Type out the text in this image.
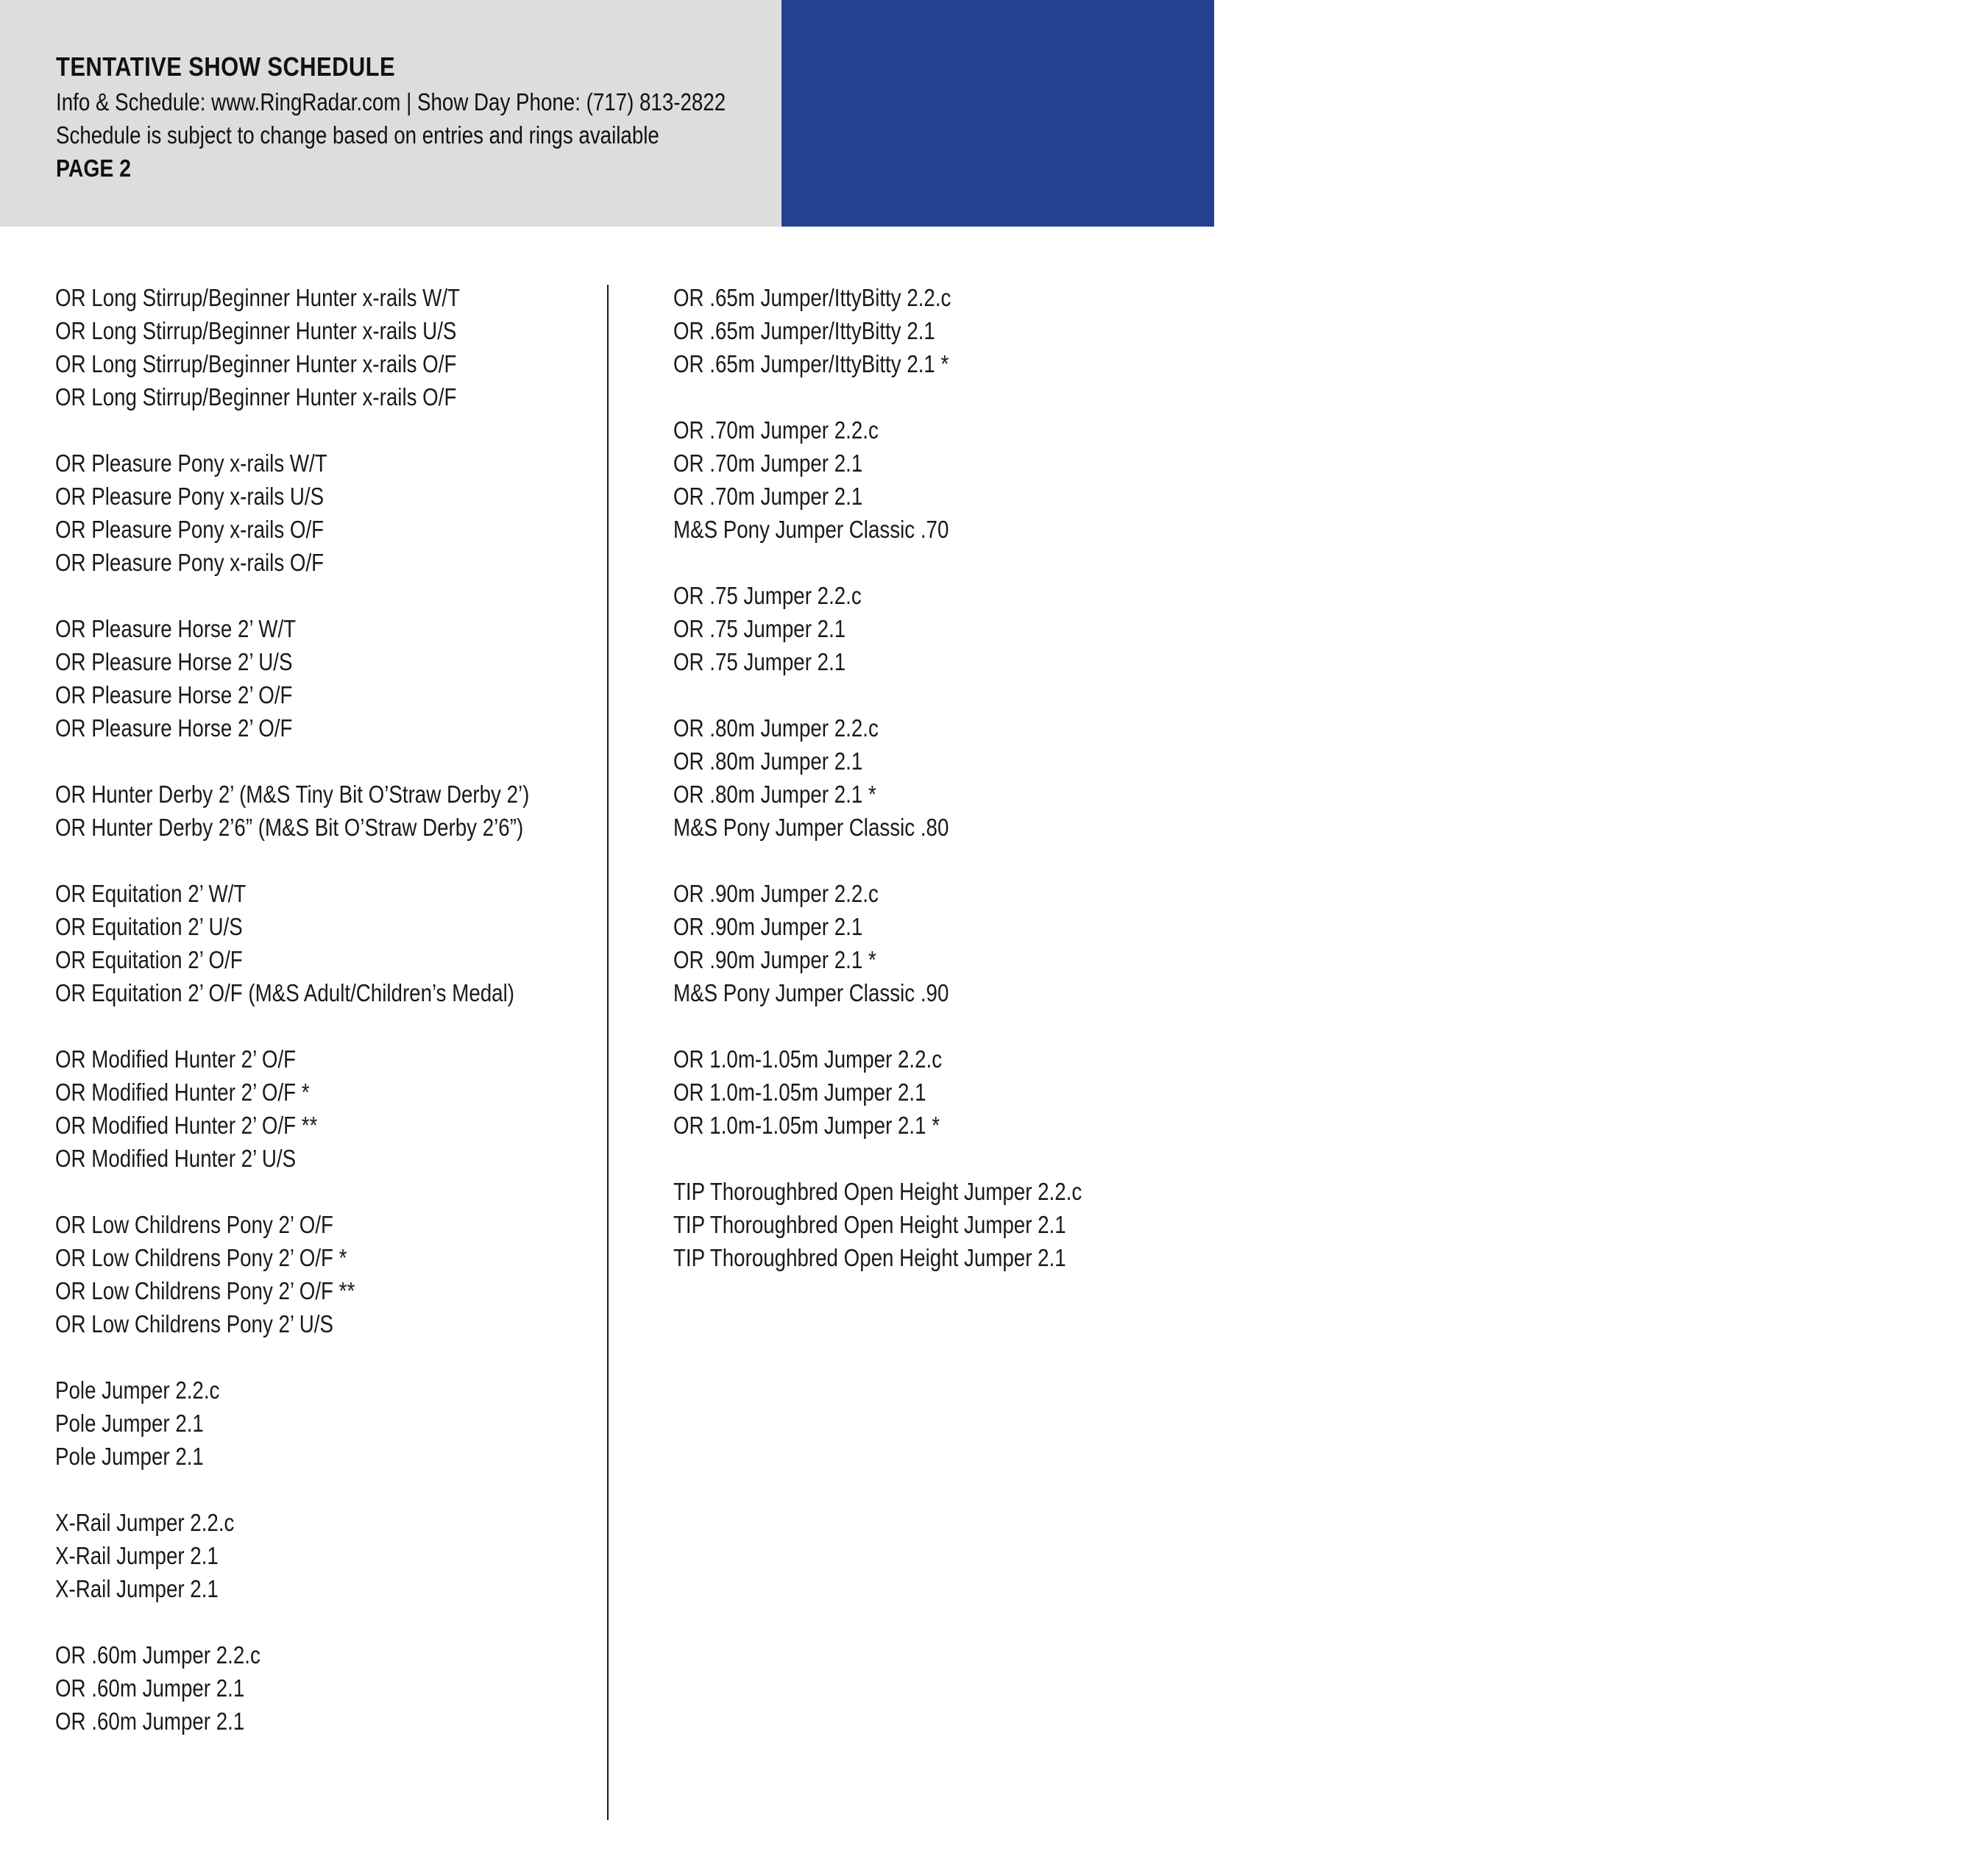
TENTATIVE SHOW SCHEDULE
Info & Schedule: www.RingRadar.com | Show Day Phone: (717) 813-2822
Schedule is subject to change based on entries and rings available
PAGE 2
* First round of M&S classic
** Second round of M&S classic
OR Long Stirrup/Beginner Hunter x-rails W/T
OR Long Stirrup/Beginner Hunter x-rails U/S
OR Long Stirrup/Beginner Hunter x-rails O/F
OR Long Stirrup/Beginner Hunter x-rails O/F
OR Pleasure Pony x-rails W/T
OR Pleasure Pony x-rails U/S
OR Pleasure Pony x-rails O/F
OR Pleasure Pony x-rails O/F
OR Pleasure Horse 2’ W/T
OR Pleasure Horse 2’ U/S
OR Pleasure Horse 2’ O/F
OR Pleasure Horse 2’ O/F
OR Hunter Derby 2’ (M&S Tiny Bit O’Straw Derby 2’)
OR Hunter Derby 2’6” (M&S Bit O’Straw Derby 2’6”)
OR Equitation 2’ W/T
OR Equitation 2’ U/S
OR Equitation 2’ O/F
OR Equitation 2’ O/F (M&S Adult/Children’s Medal)
OR Modified Hunter 2’ O/F
OR Modified Hunter 2’ O/F *
OR Modified Hunter 2’ O/F **
OR Modified Hunter 2’ U/S
OR Low Childrens Pony 2’ O/F
OR Low Childrens Pony 2’ O/F *
OR Low Childrens Pony 2’ O/F **
OR Low Childrens Pony 2’ U/S
Pole Jumper 2.2.c
Pole Jumper 2.1
Pole Jumper 2.1
X-Rail Jumper 2.2.c
X-Rail Jumper 2.1
X-Rail Jumper 2.1
OR .60m Jumper 2.2.c
OR .60m Jumper 2.1
OR .60m Jumper 2.1
OR .65m Jumper/IttyBitty 2.2.c
OR .65m Jumper/IttyBitty 2.1
OR .65m Jumper/IttyBitty 2.1 *
OR .70m Jumper 2.2.c
OR .70m Jumper 2.1
OR .70m Jumper 2.1
M&S Pony Jumper Classic .70
OR .75 Jumper 2.2.c
OR .75 Jumper 2.1
OR .75 Jumper 2.1
OR .80m Jumper 2.2.c
OR .80m Jumper 2.1
OR .80m Jumper 2.1 *
M&S Pony Jumper Classic .80
OR .90m Jumper 2.2.c
OR .90m Jumper 2.1
OR .90m Jumper 2.1 *
M&S Pony Jumper Classic .90
OR 1.0m-1.05m Jumper 2.2.c
OR 1.0m-1.05m Jumper 2.1
OR 1.0m-1.05m Jumper 2.1 *
TIP Thoroughbred Open Height Jumper 2.2.c
TIP Thoroughbred Open Height Jumper 2.1
TIP Thoroughbred Open Height Jumper 2.1
